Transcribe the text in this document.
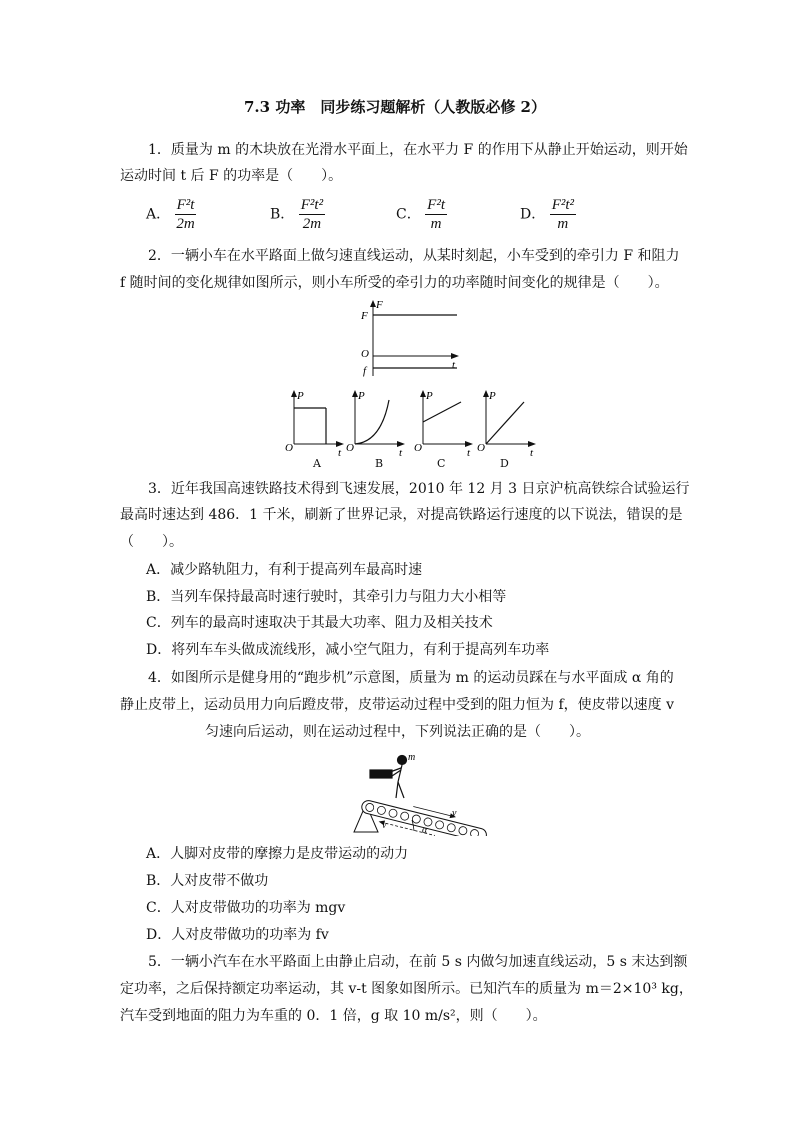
7.3 功率　同步练习题解析（人教版必修 2）
1．质量为 m 的木块放在光滑水平面上，在水平力 F 的作用下从静止开始运动，则开始
运动时间 t 后 F 的功率是（　　）。
A． $\frac{\text{F²t}}{2m}$	B． $\frac{\text{F²t²}}{2m}$	C． $\frac{\text{F²t}}{m}$	D． $\frac{\text{F²t²}}{m}$
2．一辆小车在水平路面上做匀速直线运动，从某时刻起，小车受到的牵引力 F 和阻力
f 随时间的变化规律如图所示，则小车所受的牵引力的功率随时间变化的规律是（　　）。
F
F
O
f	t
P
O	t
P
O	t
P
O	t
P
O	t
A	B	C	D
3．近年我国高速铁路技术得到飞速发展，2010 年 12 月 3 日京沪杭高铁综合试验运行
最高时速达到 486．1 千米，刷新了世界记录，对提高铁路运行速度的以下说法，错误的是
（　　）。
A．减少路轨阻力，有利于提高列车最高时速
B．当列车保持最高时速行驶时，其牵引力与阻力大小相等
C．列车的最高时速取决于其最大功率、阻力及相关技术
D．将列车车头做成流线形，减小空气阻力，有利于提高列车功率
4．如图所示是健身用的“跑步机”示意图，质量为 m 的运动员踩在与水平面成 α 角的
静止皮带上，运动员用力向后蹬皮带，皮带运动过程中受到的阻力恒为 f，使皮带以速度 v
匀速向后运动，则在运动过程中，下列说法正确的是（　　）。
m
v
v	α
A．人脚对皮带的摩擦力是皮带运动的动力
B．人对皮带不做功
C．人对皮带做功的功率为 mgv
D．人对皮带做功的功率为 fv
5．一辆小汽车在水平路面上由静止启动，在前 5 s 内做匀加速直线运动，5 s 末达到额
定功率，之后保持额定功率运动，其 v-t 图象如图所示。已知汽车的质量为 m＝2×10³ kg，
汽车受到地面的阻力为车重的 0．1 倍，g 取 10 m/s²，则（　　）。
